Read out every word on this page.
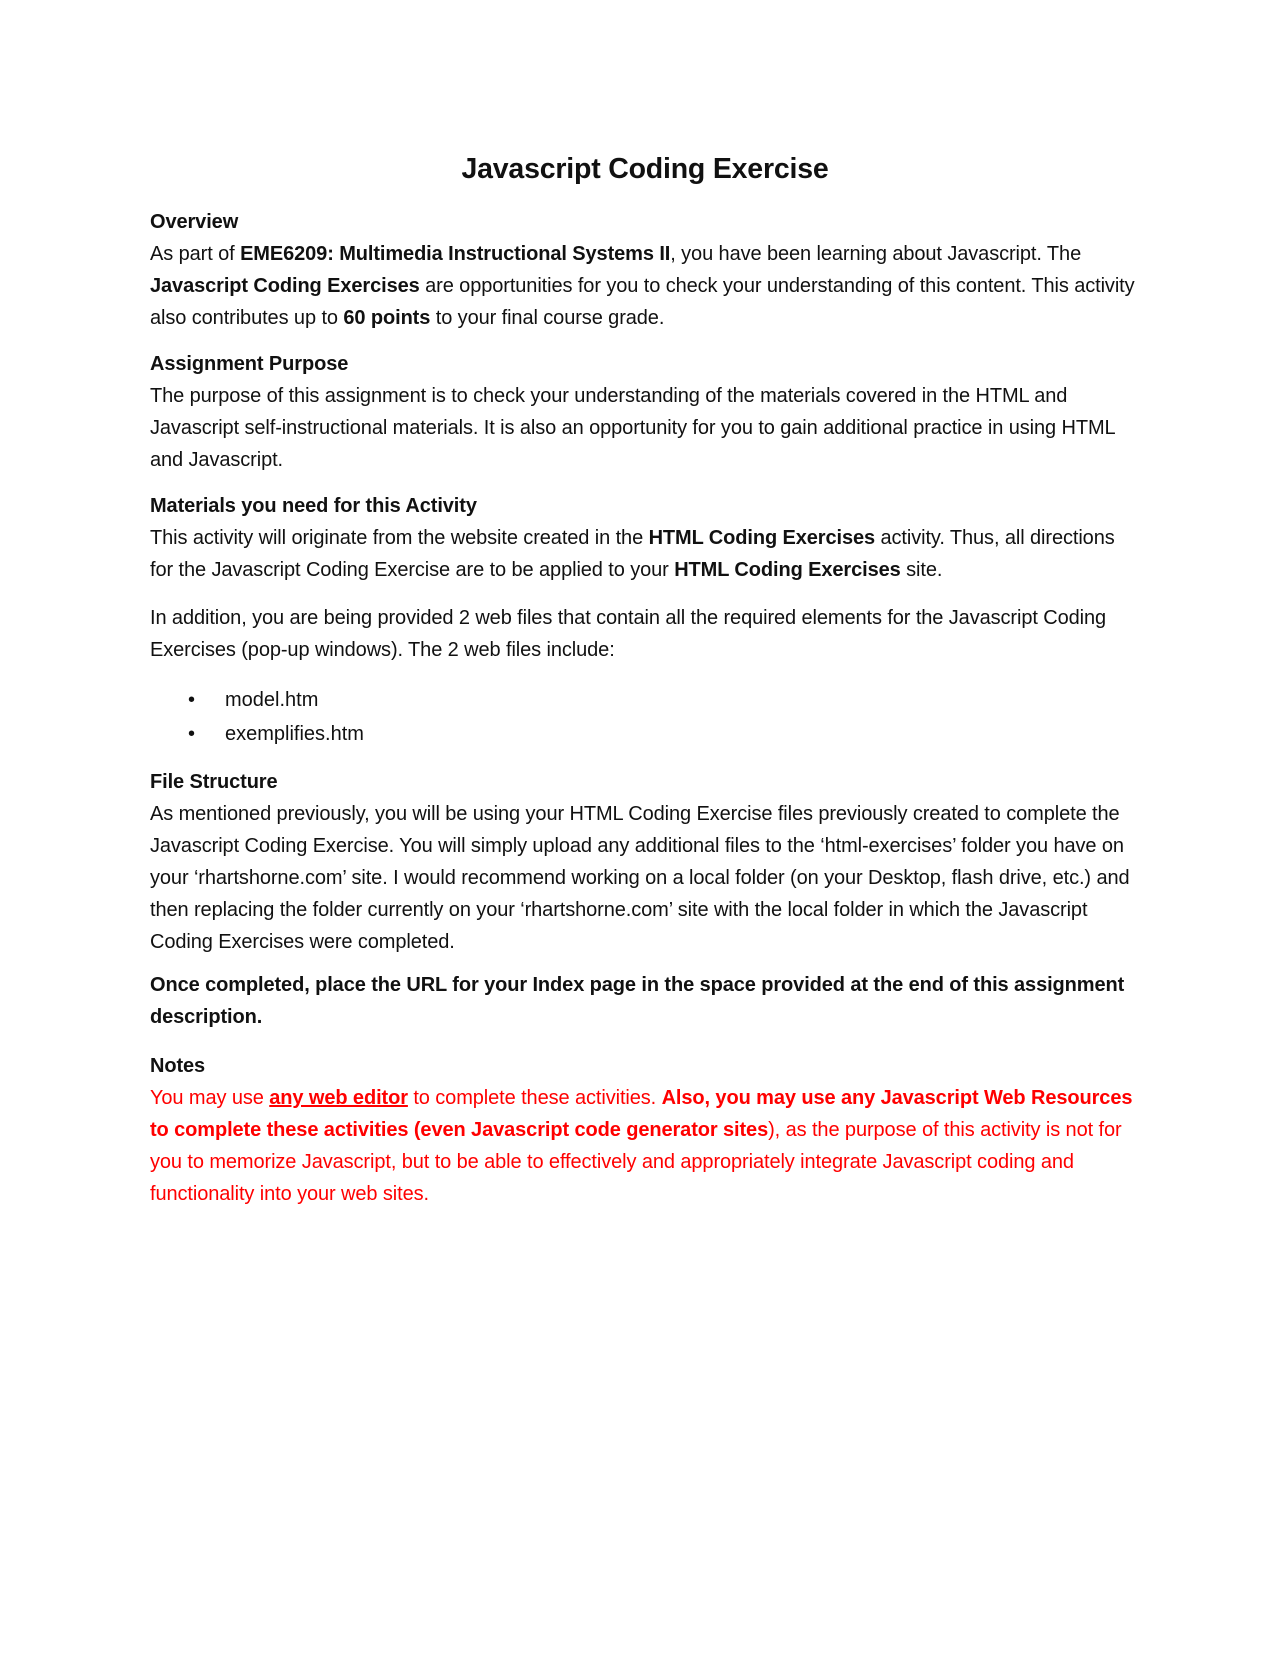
Javascript Coding Exercise
Overview

As part of EME6209: Multimedia Instructional Systems II, you have been learning about Javascript. The Javascript Coding Exercises are opportunities for you to check your understanding of this content. This activity also contributes up to 60 points to your final course grade.

Assignment Purpose

The purpose of this assignment is to check your understanding of the materials covered in the HTML and Javascript self-instructional materials. It is also an opportunity for you to gain additional practice in using HTML and Javascript.

Materials you need for this Activity

This activity will originate from the website created in the HTML Coding Exercises activity. Thus, all directions for the Javascript Coding Exercise are to be applied to your HTML Coding Exercises site.

In addition, you are being provided 2 web files that contain all the required elements for the Javascript Coding Exercises (pop-up windows). The 2 web files include:

• model.htm
• exemplifies.htm
File Structure

As mentioned previously, you will be using your HTML Coding Exercise files previously created to complete the Javascript Coding Exercise. You will simply upload any additional files to the ‘html-exercises’ folder you have on your ‘rhartshorne.com’ site. I would recommend working on a local folder (on your Desktop, flash drive, etc.) and then replacing the folder currently on your ‘rhartshorne.com’ site with the local folder in which the Javascript Coding Exercises were completed.

Once completed, place the URL for your Index page in the space provided at the end of this assignment description.

Notes

You may use any web editor to complete these activities. Also, you may use any Javascript Web Resources to complete these activities (even Javascript code generator sites), as the purpose of this activity is not for you to memorize Javascript, but to be able to effectively and appropriately integrate Javascript coding and functionality into your web sites.
